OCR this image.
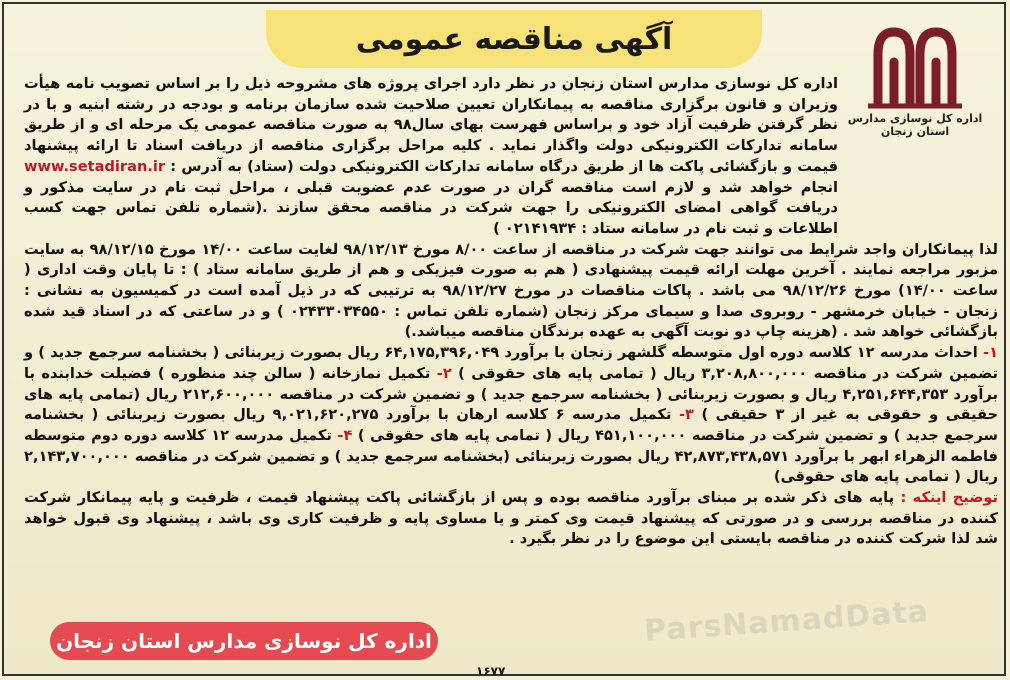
آگهی مناقصه عمومی
اداره کل نوسازی مدارس استان زنجان

اداره کل نوسازی مدارس استان زنجان در نظر دارد اجرای پروژه های مشروحه ذیل را بر اساس تصویب نامه هیأت وزیران و قانون برگزاری مناقصه به پیمانکاران تعیین صلاحیت شده سازمان برنامه و بودجه در رشته ابنیه و با در نظر گرفتن ظرفیت آزاد خود و براساس فهرست بهای سال۹۸ به صورت مناقصه عمومی یک مرحله ای و از طریق سامانه تدارکات الکترونیکی دولت واگذار نماید . کلیه مراحل برگزاری مناقصه از دریافت اسناد تا ارائه پیشنهاد قیمت و بازگشائی پاکت ها از طریق درگاه سامانه تدارکات الکترونیکی دولت (ستاد) به آدرس : www.setadiran.ir انجام خواهد شد و لازم است مناقصه گران در صورت عدم عضویت قبلی ، مراحل ثبت نام در سایت مذکور و دریافت گواهی امضای الکترونیکی را جهت شرکت در مناقصه محقق سازند .(شماره تلفن تماس جهت کسب اطلاعات و ثبت نام در سامانه ستاد : ۰۲۱۴۱۹۳۴ )

لذا پیمانکاران واجد شرایط می توانند جهت شرکت در مناقصه از ساعت ۸/۰۰ مورخ ۹۸/۱۲/۱۳ لغایت ساعت ۱۴/۰۰ مورخ ۹۸/۱۲/۱۵ به سایت مزبور مراجعه نمایند . آخرین مهلت ارائه قیمت پیشنهادی ( هم به صورت فیزیکی و هم از طریق سامانه ستاد ) : تا پایان وقت اداری ( ساعت ۱۴/۰۰) مورخ ۹۸/۱۲/۲۶ می باشد . پاکات مناقصات در مورخ ۹۸/۱۲/۲۷ به ترتیبی که در ذیل آمده است در کمیسیون به نشانی : زنجان - خیابان خرمشهر - روبروی صدا و سیمای مرکز زنجان (شماره تلفن تماس : ۰۲۴۳۳۰۳۴۵۵۰ ) و در ساعتی که در اسناد قید شده بازگشائی خواهد شد . (هزینه چاپ دو نوبت آگهی به عهده برندگان مناقصه میباشد.)

۱- احداث مدرسه ۱۲ کلاسه دوره اول متوسطه گلشهر زنجان با برآورد ۶۴,۱۷۵,۳۹۶,۰۴۹ ریال بصورت زیربنائی ( بخشنامه سرجمع جدید ) و تضمین شرکت در مناقصه ۳,۲۰۸,۸۰۰,۰۰۰ ریال ( تمامی پایه های حقوقی ) ۲- تکمیل نمازخانه ( سالن چند منظوره ) فضیلت خدابنده با برآورد ۴,۲۵۱,۶۴۴,۳۵۳ ریال و بصورت زیربنائی ( بخشنامه سرجمع جدید ) و تضمین شرکت در مناقصه ۲۱۲,۶۰۰,۰۰۰ ریال (تمامی پایه های حقیقی و حقوقی به غیر از ۳ حقیقی ) ۳- تکمیل مدرسه ۶ کلاسه ارهان با برآورد ۹,۰۲۱,۶۲۰,۲۷۵ ریال بصورت زیربنائی ( بخشنامه سرجمع جدید ) و تضمین شرکت در مناقصه ۴۵۱,۱۰۰,۰۰۰ ریال ( تمامی پایه های حقوقی ) ۴- تکمیل مدرسه ۱۲ کلاسه دوره دوم متوسطه فاطمه الزهراء ابهر با برآورد ۴۲,۸۷۳,۴۳۸,۵۷۱ ریال بصورت زیربنائی (بخشنامه سرجمع جدید ) و تضمین شرکت در مناقصه ۲,۱۴۳,۷۰۰,۰۰۰ ریال ( تمامی پایه های حقوقی)

توضیح اینکه : پایه های ذکر شده بر مبنای برآورد مناقصه بوده و پس از بازگشائی پاکت پیشنهاد قیمت ، ظرفیت و پایه پیمانکار شرکت کننده در مناقصه بررسی و در صورتی که پیشنهاد قیمت وی کمتر و یا مساوی پایه و ظرفیت کاری وی باشد ، پیشنهاد وی قبول خواهد شد لذا شرکت کننده در مناقصه بایستی این موضوع را در نظر بگیرد .

ParsNamadData
اداره کل نوسازی مدارس استان زنجان
۱۶۷۷
